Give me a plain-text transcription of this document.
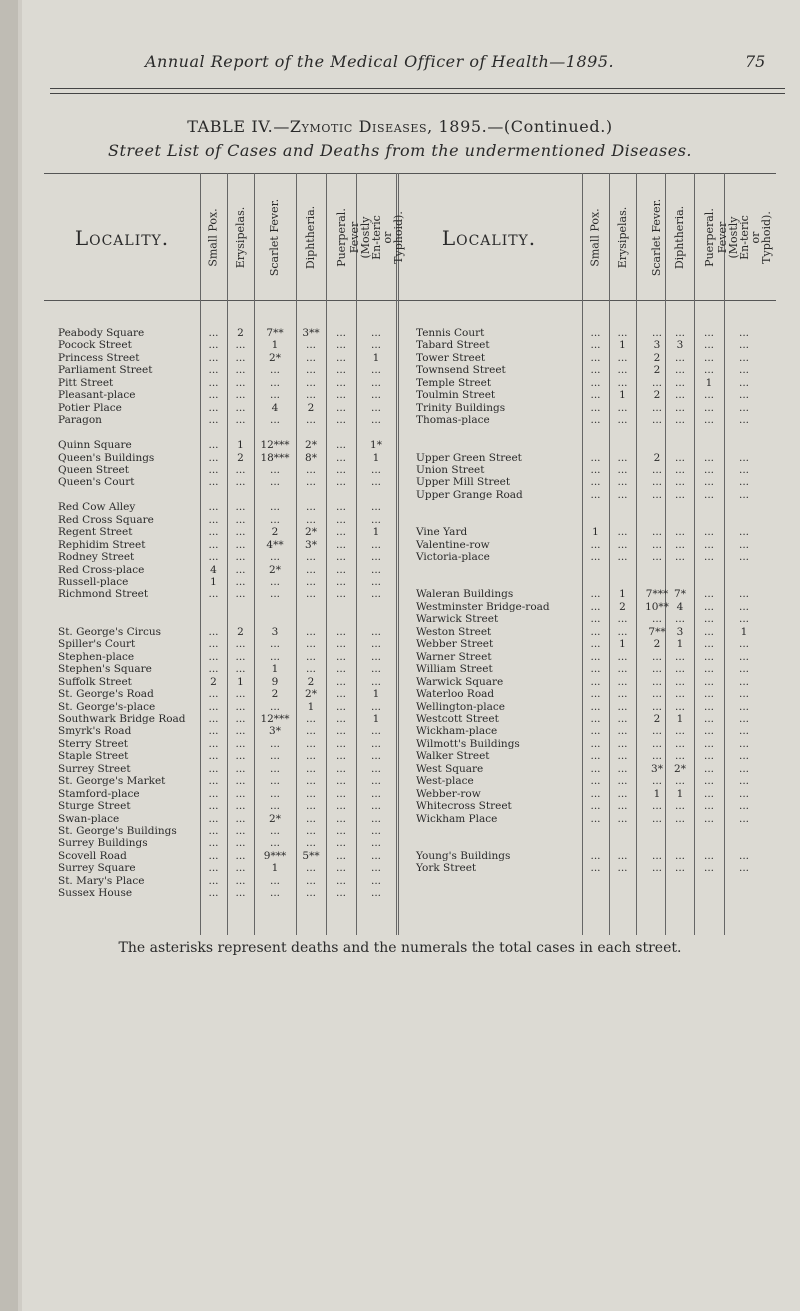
Annual Report of the Medical Officer of Health—1895.	75
TABLE IV.—Zymotic Diseases, 1895.—(Continued.)
Street List of Cases and Deaths from the undermentioned Diseases.
Locality.	Locality.
Small Pox. Erysipelas. Scarlet Fever. Diphtheria. Puerperal. Fever (Mostly En-teric or Typhoid).	Small Pox. Erysipelas. Scarlet Fever. Diphtheria. Puerperal. Fever (Mostly En-teric or Typhoid).
Peabody Square	...	2	7**	3**	...	...
Pocock Street	...	...	1	...	...	...
Princess Street	...	...	2*	...	...	1
Parliament Street	...	...	...	...	...	...
Pitt Street	...	...	...	...	...	...
Pleasant-place	...	...	...	...	...	...
Potier Place	...	...	4	2	...	...
Paragon	...	...	...	...	...	...
Quinn Square	...	1	12***	2*	...	1*
Queen's Buildings	...	2	18***	8*	...	1
Queen Street	...	...	...	...	...	...
Queen's Court	...	...	...	...	...	...
Red Cow Alley	...	...	...	...	...	...
Red Cross Square	...	...	...	...	...	...
Regent Street	...	...	2	2*	...	1
Rephidim Street	...	...	4**	3*	...	...
Rodney Street	...	...	...	...	...	...
Red Cross-place	4	...	2*	...	...	...
Russell-place	1	...	...	...	...	...
Richmond Street	...	...	...	...	...	...
St. George's Circus	...	2	3	...	...	...
Spiller's Court	...	...	...	...	...	...
Stephen-place	...	...	...	...	...	...
Stephen's Square	...	...	1	...	...	...
Suffolk Street	2	1	9	2	...	...
St. George's Road	...	...	2	2*	...	1
St. George's-place	...	...	...	1	...	...
Southwark Bridge Road	...	...	12***	...	...	1
Smyrk's Road	...	...	3*	...	...	...
Sterry Street	...	...	...	...	...	...
Staple Street	...	...	...	...	...	...
Surrey Street	...	...	...	...	...	...
St. George's Market	...	...	...	...	...	...
Stamford-place	...	...	...	...	...	...
Sturge Street	...	...	...	...	...	...
Swan-place	...	...	2*	...	...	...
St. George's Buildings	...	...	...	...	...	...
Surrey Buildings	...	...	...	...	...	...
Scovell Road	...	...	9***	5**	...	...
Surrey Square	...	...	1	...	...	...
St. Mary's Place	...	...	...	...	...	...
Sussex House	...	...	...	...	...	...
Tennis Court	...	...	...	...	...	...
Tabard Street	...	1	3	3	...	...
Tower Street	...	...	2	...	...	...
Townsend Street	...	...	2	...	...	...
Temple Street	...	...	...	...	1	...
Toulmin Street	...	1	2	...	...	...
Trinity Buildings	...	...	...	...	...	...
Thomas-place	...	...	...	...	...	...
Upper Green Street	...	...	2	...	...	...
Union Street	...	...	...	...	...	...
Upper Mill Street	...	...	...	...	...	...
Upper Grange Road	...	...	...	...	...	...
Vine Yard	1	...	...	...	...	...
Valentine-row	...	...	...	...	...	...
Victoria-place	...	...	...	...	...	...
Waleran Buildings	...	1	7*** 7*	...	...
Westminster Bridge-road	...	2	10** 4	...	...
Warwick Street	...	...	...	...	...	...
Weston Street	...	...	7**	3	...	1
Webber Street	...	1	2	1	...	...
Warner Street	...	...	...	...	...	...
William Street	...	...	...	...	...	...
Warwick Square	...	...	...	...	...	...
Waterloo Road	...	...	...	...	...	...
Wellington-place	...	...	...	...	...	...
Westcott Street	...	...	2	1	...	...
Wickham-place	...	...	...	...	...	...
Wilmott's Buildings	...	...	...	...	...	...
Walker Street	...	...	...	...	...	...
West Square	...	...	3*	2*	...	...
West-place	...	...	...	...	...	...
Webber-row	...	...	1	1	...	...
Whitecross Street	...	...	...	...	...	...
Wickham Place	...	...	...	...	...	...
Young's Buildings	...	...	...	...	...	...
York Street	...	...	...	...	...	...
The asterisks represent deaths and the numerals the total cases in each street.
